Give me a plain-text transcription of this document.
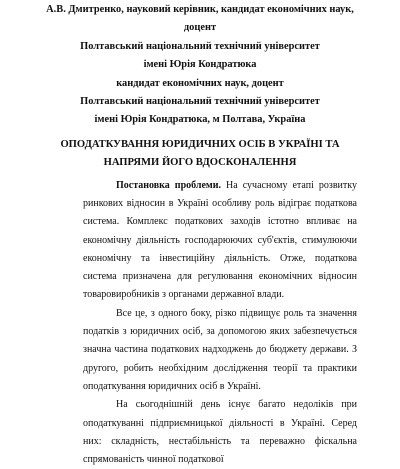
А.В. Дмитренко, науковий керівник, кандидат економічних наук,
доцент
Полтавський національний технічний університет
імені Юрія Кондратюка
кандидат економічних наук, доцент
Полтавський національний технічний університет
імені Юрія Кондратюка, м Полтава, Україна
ОПОДАТКУВАННЯ ЮРИДИЧНИХ ОСІБ В УКРАЇНІ ТА
НАПРЯМИ ЙОГО ВДОСКОНАЛЕННЯ

Постановка проблеми. На сучасному етапі розвитку ринкових відносин в Україні особливу роль відіграє податкова система. Комплекс податкових заходів істотно впливає на економічну діяльність господарюючих суб'єктів, стимулюючи економічну та інвестиційну діяльність. Отже, податкова система призначена для регулювання економічних відносин товаровиробників з органами державної влади.

Все це, з одного боку, різко підвищує роль та значення податків з юридичних осіб, за допомогою яких забезпечується значна частина податкових надходжень до бюджету держави. З другого, робить необхідним дослідження теорії та практики оподаткування юридичних осіб в Україні.

На сьогоднішній день існує багато недоліків при оподаткуванні підприємницької діяльності в Україні. Серед них: складність, нестабільність та переважно фіскальна спрямованість чинної податкової
